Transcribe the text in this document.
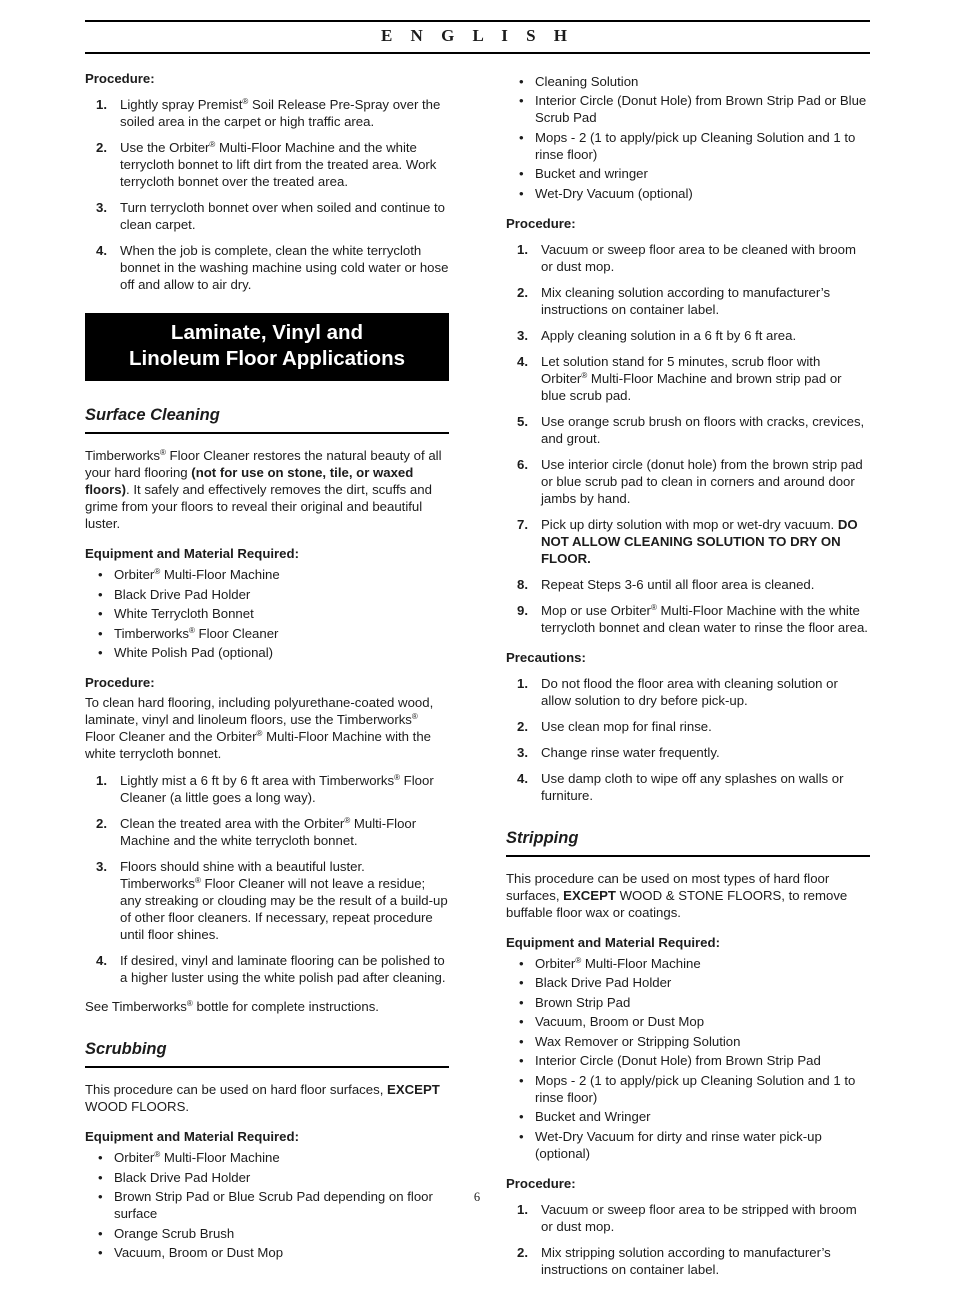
E N G L I S H

Procedure:

1. Lightly spray Premist® Soil Release Pre-Spray over the soiled area in the carpet or high traffic area.
2. Use the Orbiter® Multi-Floor Machine and the white terrycloth bonnet to lift dirt from the treated area. Work terrycloth bonnet over the treated area.
3. Turn terrycloth bonnet over when soiled and continue to clean carpet.
4. When the job is complete, clean the white terrycloth bonnet in the washing machine using cold water or hose off and allow to air dry.
Laminate, Vinyl and
Linoleum Floor Applications
Surface Cleaning

Timberworks® Floor Cleaner restores the natural beauty of all your hard flooring (not for use on stone, tile, or waxed floors). It safely and effectively removes the dirt, scuffs and grime from your floors to reveal their original and beautiful luster.

Equipment and Material Required:

• Orbiter® Multi-Floor Machine
• Black Drive Pad Holder
• White Terrycloth Bonnet
• Timberworks® Floor Cleaner
• White Polish Pad (optional)

Procedure:

To clean hard flooring, including polyurethane-coated wood, laminate, vinyl and linoleum floors, use the Timberworks® Floor Cleaner and the Orbiter® Multi-Floor Machine with the white terrycloth bonnet.

1. Lightly mist a 6 ft by 6 ft area with Timberworks® Floor Cleaner (a little goes a long way).
2. Clean the treated area with the Orbiter® Multi-Floor Machine and the white terrycloth bonnet.
3. Floors should shine with a beautiful luster. Timberworks® Floor Cleaner will not leave a residue; any streaking or clouding may be the result of a build-up of other floor cleaners. If necessary, repeat procedure until floor shines.
4. If desired, vinyl and laminate flooring can be polished to a higher luster using the white polish pad after cleaning.

See Timberworks® bottle for complete instructions.

Scrubbing

This procedure can be used on hard floor surfaces, EXCEPT WOOD FLOORS.

Equipment and Material Required:

• Orbiter® Multi-Floor Machine
• Black Drive Pad Holder
• Brown Strip Pad or Blue Scrub Pad depending on floor surface
• Orange Scrub Brush
• Vacuum, Broom or Dust Mop
• Cleaning Solution
• Interior Circle (Donut Hole) from Brown Strip Pad or Blue Scrub Pad
• Mops - 2 (1 to apply/pick up Cleaning Solution and 1 to rinse floor)
• Bucket and wringer
• Wet-Dry Vacuum (optional)

Procedure:

1. Vacuum or sweep floor area to be cleaned with broom or dust mop.
2. Mix cleaning solution according to manufacturer’s instructions on container label.
3. Apply cleaning solution in a 6 ft by 6 ft area.
4. Let solution stand for 5 minutes, scrub floor with Orbiter® Multi-Floor Machine and brown strip pad or blue scrub pad.
5. Use orange scrub brush on floors with cracks, crevices, and grout.
6. Use interior circle (donut hole) from the brown strip pad or blue scrub pad to clean in corners and around door jambs by hand.
7. Pick up dirty solution with mop or wet-dry vacuum. DO NOT ALLOW CLEANING SOLUTION TO DRY ON FLOOR.
8. Repeat Steps 3-6 until all floor area is cleaned.
9. Mop or use Orbiter® Multi-Floor Machine with the white terrycloth bonnet and clean water to rinse the floor area.

Precautions:

1. Do not flood the floor area with cleaning solution or allow solution to dry before pick-up.
2. Use clean mop for final rinse.
3. Change rinse water frequently.
4. Use damp cloth to wipe off any splashes on walls or furniture.
Stripping

This procedure can be used on most types of hard floor surfaces, EXCEPT WOOD & STONE FLOORS, to remove buffable floor wax or coatings.

Equipment and Material Required:

• Orbiter® Multi-Floor Machine
• Black Drive Pad Holder
• Brown Strip Pad
• Vacuum, Broom or Dust Mop
• Wax Remover or Stripping Solution
• Interior Circle (Donut Hole) from Brown Strip Pad
• Mops - 2 (1 to apply/pick up Cleaning Solution and 1 to rinse floor)
• Bucket and Wringer
• Wet-Dry Vacuum for dirty and rinse water pick-up (optional)

Procedure:

1. Vacuum or sweep floor area to be stripped with broom or dust mop.
2. Mix stripping solution according to manufacturer’s instructions on container label.
6
